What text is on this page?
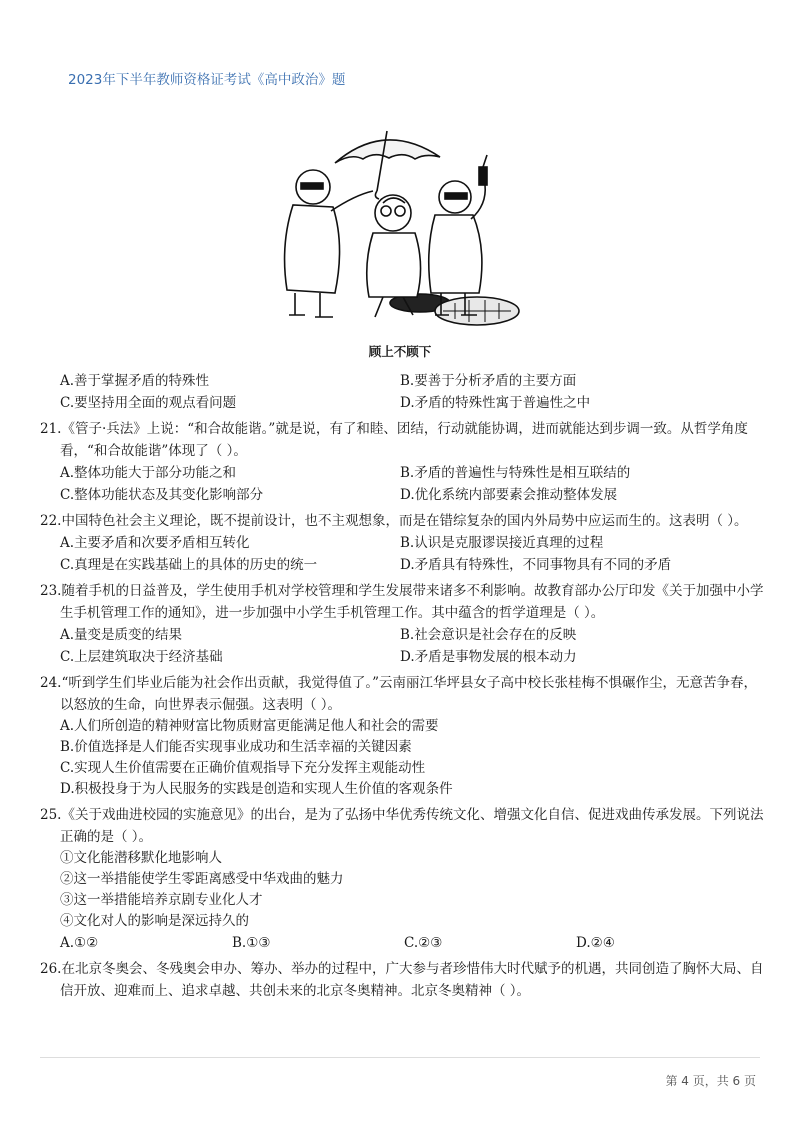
2023年下半年教师资格证考试《高中政治》题
顾上不顾下
A.善于掌握矛盾的特殊性	B.要善于分析矛盾的主要方面
C.要坚持用全面的观点看问题	D.矛盾的特殊性寓于普遍性之中
21.《管子·兵法》上说：“和合故能谐。”就是说，有了和睦、团结，行动就能协调，进而就能达到步调一致。从哲学角度看，“和合故能谐”体现了（ ）。
A.整体功能大于部分功能之和	B.矛盾的普遍性与特殊性是相互联结的
C.整体功能状态及其变化影响部分	D.优化系统内部要素会推动整体发展
22.中国特色社会主义理论，既不提前设计，也不主观想象，而是在错综复杂的国内外局势中应运而生的。这表明（ ）。
A.主要矛盾和次要矛盾相互转化	B.认识是克服谬误接近真理的过程
C.真理是在实践基础上的具体的历史的统一	D.矛盾具有特殊性，不同事物具有不同的矛盾
23.随着手机的日益普及，学生使用手机对学校管理和学生发展带来诸多不利影响。故教育部办公厅印发《关于加强中小学生手机管理工作的通知》，进一步加强中小学生手机管理工作。其中蕴含的哲学道理是（ ）。
A.量变是质变的结果	B.社会意识是社会存在的反映
C.上层建筑取决于经济基础	D.矛盾是事物发展的根本动力
24.“听到学生们毕业后能为社会作出贡献，我觉得值了。”云南丽江华坪县女子高中校长张桂梅不惧碾作尘，无意苦争春，以怒放的生命，向世界表示倔强。这表明（ ）。
A.人们所创造的精神财富比物质财富更能满足他人和社会的需要
B.价值选择是人们能否实现事业成功和生活幸福的关键因素
C.实现人生价值需要在正确价值观指导下充分发挥主观能动性
D.积极投身于为人民服务的实践是创造和实现人生价值的客观条件
25.《关于戏曲进校园的实施意见》的出台，是为了弘扬中华优秀传统文化、增强文化自信、促进戏曲传承发展。下列说法正确的是（ ）。
①文化能潜移默化地影响人
②这一举措能使学生零距离感受中华戏曲的魅力
③这一举措能培养京剧专业化人才
④文化对人的影响是深远持久的
A.①②	B.①③	C.②③	D.②④
26.在北京冬奥会、冬残奥会申办、筹办、举办的过程中，广大参与者珍惜伟大时代赋予的机遇，共同创造了胸怀大局、自信开放、迎难而上、追求卓越、共创未来的北京冬奥精神。北京冬奥精神（ ）。
第 4 页，共 6 页
